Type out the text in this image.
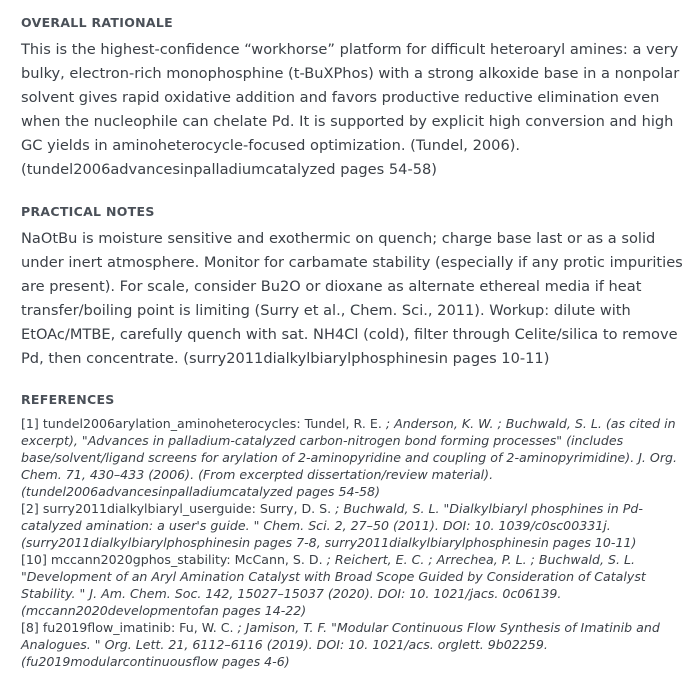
OVERALL RATIONALE

This is the highest-confidence “workhorse” platform for difficult heteroaryl amines: a very bulky, electron-rich monophosphine (t-BuXPhos) with a strong alkoxide base in a nonpolar solvent gives rapid oxidative addition and favors productive reductive elimination even when the nucleophile can chelate Pd. It is supported by explicit high conversion and high GC yields in aminoheterocycle-focused optimization. (Tundel, 2006). (tundel2006advancesinpalladiumcatalyzed pages 54-58)

PRACTICAL NOTES

NaOtBu is moisture sensitive and exothermic on quench; charge base last or as a solid under inert atmosphere. Monitor for carbamate stability (especially if any protic impurities are present). For scale, consider Bu2O or dioxane as alternate ethereal media if heat transfer/boiling point is limiting (Surry et al., Chem. Sci., 2011). Workup: dilute with EtOAc/MTBE, carefully quench with sat. NH4Cl (cold), filter through Celite/silica to remove Pd, then concentrate. (surry2011dialkylbiarylphosphinesin pages 10-11)

REFERENCES

[1] tundel2006arylation_aminoheterocycles: Tundel, R. E. ; Anderson, K. W. ; Buchwald, S. L. (as cited in excerpt), "Advances in palladium-catalyzed carbon-nitrogen bond forming processes" (includes base/solvent/ligand screens for arylation of 2-aminopyridine and coupling of 2-aminopyrimidine). J. Org. Chem. 71, 430–433 (2006). (From excerpted dissertation/review material). (tundel2006advancesinpalladiumcatalyzed pages 54-58)

[2] surry2011dialkylbiaryl_userguide: Surry, D. S. ; Buchwald, S. L. "Dialkylbiaryl phosphines in Pd-catalyzed amination: a user's guide. " Chem. Sci. 2, 27–50 (2011). DOI: 10. 1039/c0sc00331j. (surry2011dialkylbiarylphosphinesin pages 7-8, surry2011dialkylbiarylphosphinesin pages 10-11)

[10] mccann2020gphos_stability: McCann, S. D. ; Reichert, E. C. ; Arrechea, P. L. ; Buchwald, S. L. "Development of an Aryl Amination Catalyst with Broad Scope Guided by Consideration of Catalyst Stability. " J. Am. Chem. Soc. 142, 15027–15037 (2020). DOI: 10. 1021/jacs. 0c06139. (mccann2020developmentofan pages 14-22)

[8] fu2019flow_imatinib: Fu, W. C. ; Jamison, T. F. "Modular Continuous Flow Synthesis of Imatinib and Analogues. " Org. Lett. 21, 6112–6116 (2019). DOI: 10. 1021/acs. orglett. 9b02259. (fu2019modularcontinuousflow pages 4-6)
